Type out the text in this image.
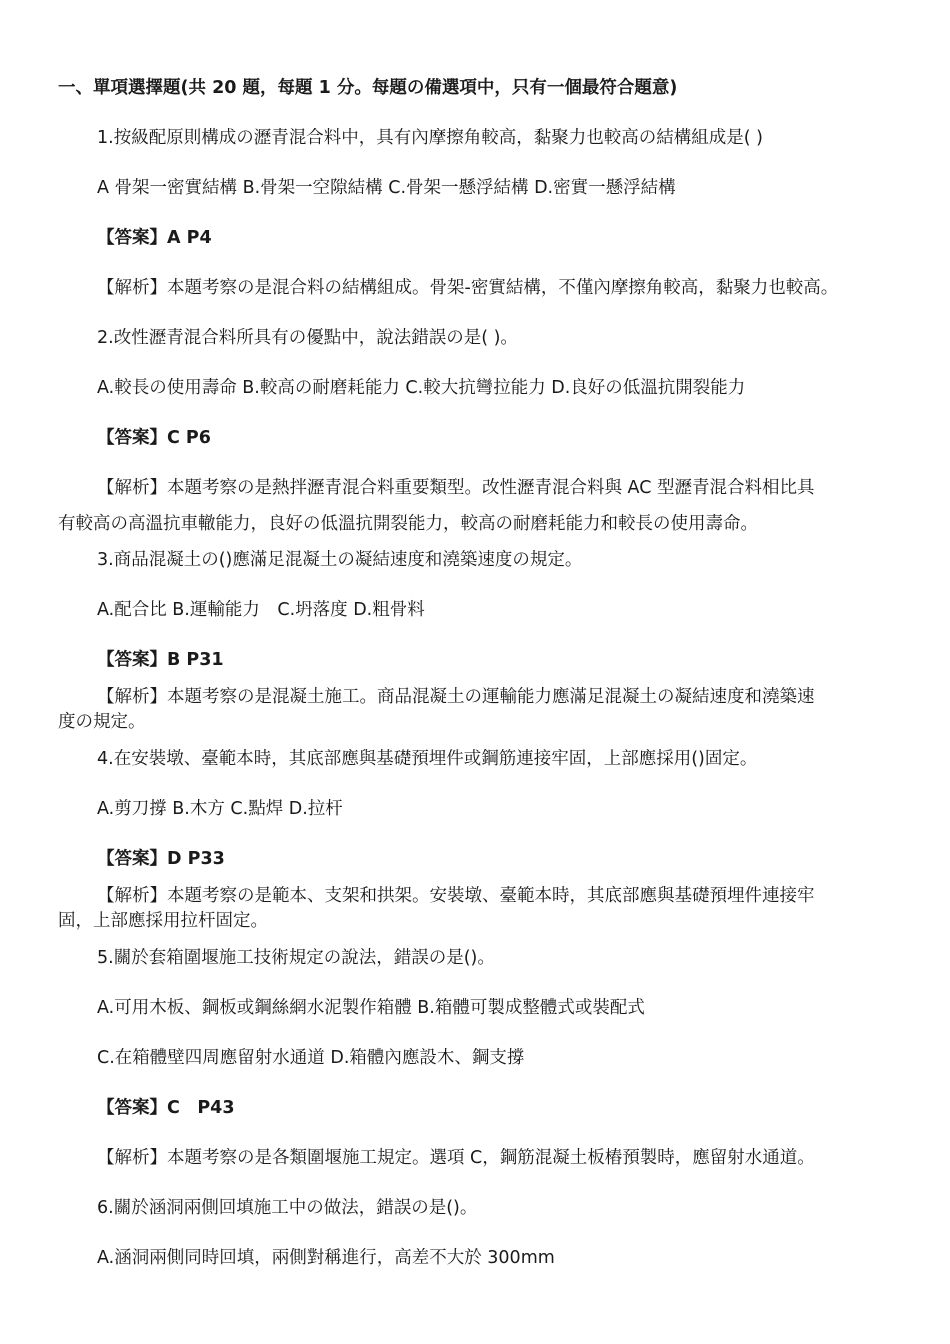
一、單項選擇題(共 20 題，每題 1 分。每題の備選項中，只有一個最符合題意)
1.按級配原則構成の瀝青混合料中，具有內摩擦角較高，黏聚力也較高の結構組成是( )
A 骨架一密實結構 B.骨架一空隙結構 C.骨架一懸浮結構 D.密實一懸浮結構
【答案】A P4
【解析】本題考察の是混合料の結構組成。骨架-密實結構，不僅內摩擦角較高，黏聚力也較高。
2.改性瀝青混合料所具有の優點中，說法錯誤の是( )。
A.較長の使用壽命 B.較高の耐磨耗能力 C.較大抗彎拉能力 D.良好の低溫抗開裂能力
【答案】C P6
【解析】本題考察の是熱拌瀝青混合料重要類型。改性瀝青混合料與 AC 型瀝青混合料相比具
有較高の高溫抗車轍能力，良好の低溫抗開裂能力，較高の耐磨耗能力和較長の使用壽命。
3.商品混凝土の()應滿足混凝土の凝結速度和澆築速度の規定。
A.配合比 B.運輸能力　C.坍落度 D.粗骨料
【答案】B P31
【解析】本題考察の是混凝土施工。商品混凝土の運輸能力應滿足混凝土の凝結速度和澆築速
度の規定。
4.在安裝墩、臺範本時，其底部應與基礎預埋件或鋼筋連接牢固，上部應採用()固定。
A.剪刀撐 B.木方 C.點焊 D.拉杆
【答案】D P33
【解析】本題考察の是範本、支架和拱架。安裝墩、臺範本時，其底部應與基礎預埋件連接牢
固，上部應採用拉杆固定。
5.關於套箱圍堰施工技術規定の說法，錯誤の是()。
A.可用木板、鋼板或鋼絲網水泥製作箱體 B.箱體可製成整體式或裝配式
C.在箱體壁四周應留射水通道 D.箱體內應設木、鋼支撐
【答案】C　P43
【解析】本題考察の是各類圍堰施工規定。選項 C，鋼筋混凝土板樁預製時，應留射水通道。
6.關於涵洞兩側回填施工中の做法，錯誤の是()。
A.涵洞兩側同時回填，兩側對稱進行，高差不大於 300mm
